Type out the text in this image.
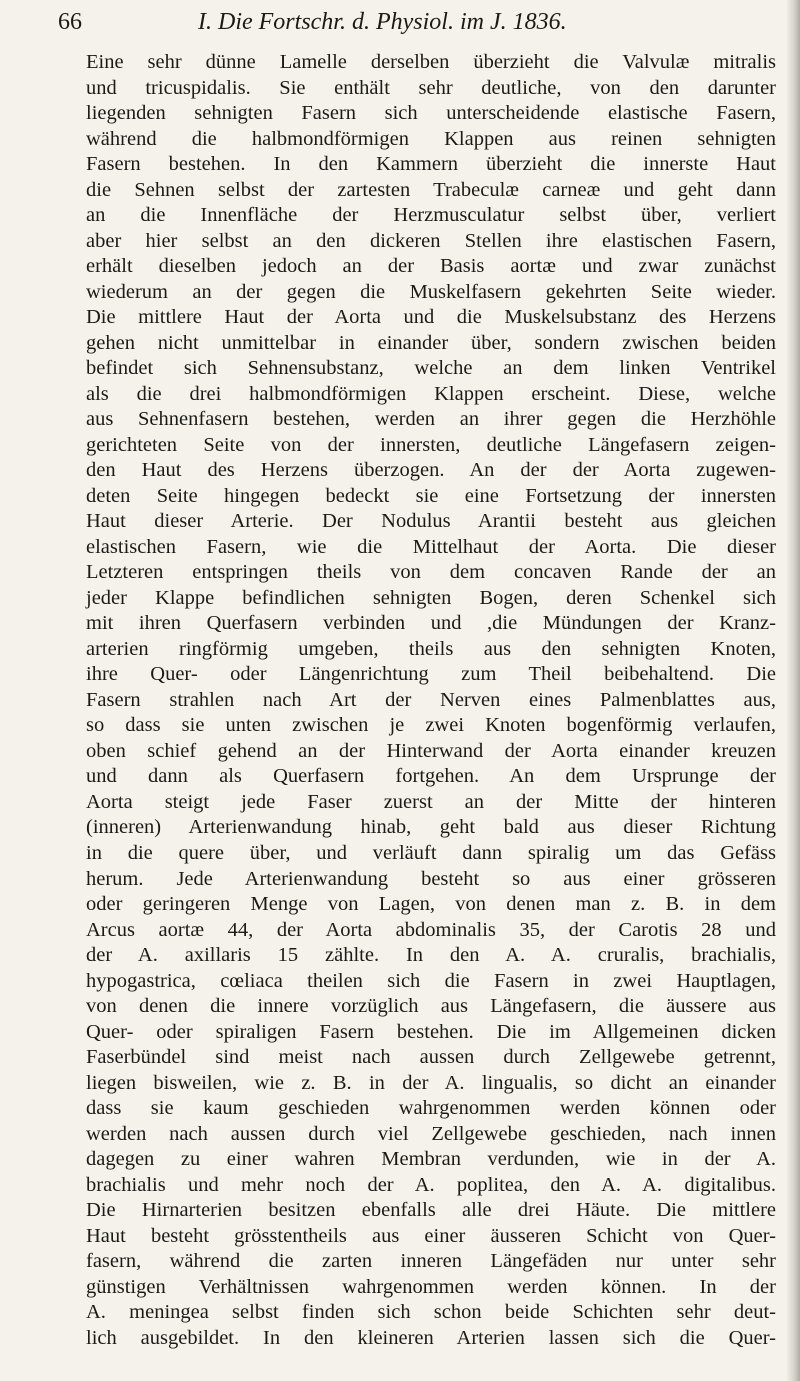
66	I. Die Fortschr. d. Physiol. im J. 1836.
Eine sehr dünne Lamelle derselben überzieht die Valvulæ mitralis
und tricuspidalis. Sie enthält sehr deutliche, von den darunter
liegenden sehnigten Fasern sich unterscheidende elastische Fasern,
während die halbmondförmigen Klappen aus reinen sehnigten
Fasern bestehen. In den Kammern überzieht die innerste Haut
die Sehnen selbst der zartesten Trabeculæ carneæ und geht dann
an die Innenfläche der Herzmusculatur selbst über, verliert
aber hier selbst an den dickeren Stellen ihre elastischen Fasern,
erhält dieselben jedoch an der Basis aortæ und zwar zunächst
wiederum an der gegen die Muskelfasern gekehrten Seite wieder.
Die mittlere Haut der Aorta und die Muskelsubstanz des Herzens
gehen nicht unmittelbar in einander über, sondern zwischen beiden
befindet sich Sehnensubstanz, welche an dem linken Ventrikel
als die drei halbmondförmigen Klappen erscheint. Diese, welche
aus Sehnenfasern bestehen, werden an ihrer gegen die Herzhöhle
gerichteten Seite von der innersten, deutliche Längefasern zeigen-
den Haut des Herzens überzogen. An der der Aorta zugewen-
deten Seite hingegen bedeckt sie eine Fortsetzung der innersten
Haut dieser Arterie. Der Nodulus Arantii besteht aus gleichen
elastischen Fasern, wie die Mittelhaut der Aorta. Die dieser
Letzteren entspringen theils von dem concaven Rande der an
jeder Klappe befindlichen sehnigten Bogen, deren Schenkel sich
mit ihren Querfasern verbinden und ,die Mündungen der Kranz-
arterien ringförmig umgeben, theils aus den sehnigten Knoten,
ihre Quer- oder Längenrichtung zum Theil beibehaltend. Die
Fasern strahlen nach Art der Nerven eines Palmenblattes aus,
so dass sie unten zwischen je zwei Knoten bogenförmig verlaufen,
oben schief gehend an der Hinterwand der Aorta einander kreuzen
und dann als Querfasern fortgehen. An dem Ursprunge der
Aorta steigt jede Faser zuerst an der Mitte der hinteren
(inneren) Arterienwandung hinab, geht bald aus dieser Richtung
in die quere über, und verläuft dann spiralig um das Gefäss
herum. Jede Arterienwandung besteht so aus einer grösseren
oder geringeren Menge von Lagen, von denen man z. B. in dem
Arcus aortæ 44, der Aorta abdominalis 35, der Carotis 28 und
der A. axillaris 15 zählte. In den A. A. cruralis, brachialis,
hypogastrica, cœliaca theilen sich die Fasern in zwei Hauptlagen,
von denen die innere vorzüglich aus Längefasern, die äussere aus
Quer- oder spiraligen Fasern bestehen. Die im Allgemeinen dicken
Faserbündel sind meist nach aussen durch Zellgewebe getrennt,
liegen bisweilen, wie z. B. in der A. lingualis, so dicht an einander
dass sie kaum geschieden wahrgenommen werden können oder
werden nach aussen durch viel Zellgewebe geschieden, nach innen
dagegen zu einer wahren Membran verdunden, wie in der A.
brachialis und mehr noch der A. poplitea, den A. A. digitalibus.
Die Hirnarterien besitzen ebenfalls alle drei Häute. Die mittlere
Haut besteht grösstentheils aus einer äusseren Schicht von Quer-
fasern, während die zarten inneren Längefäden nur unter sehr
günstigen Verhältnissen wahrgenommen werden können. In der
A. meningea selbst finden sich schon beide Schichten sehr deut-
lich ausgebildet. In den kleineren Arterien lassen sich die Quer-
